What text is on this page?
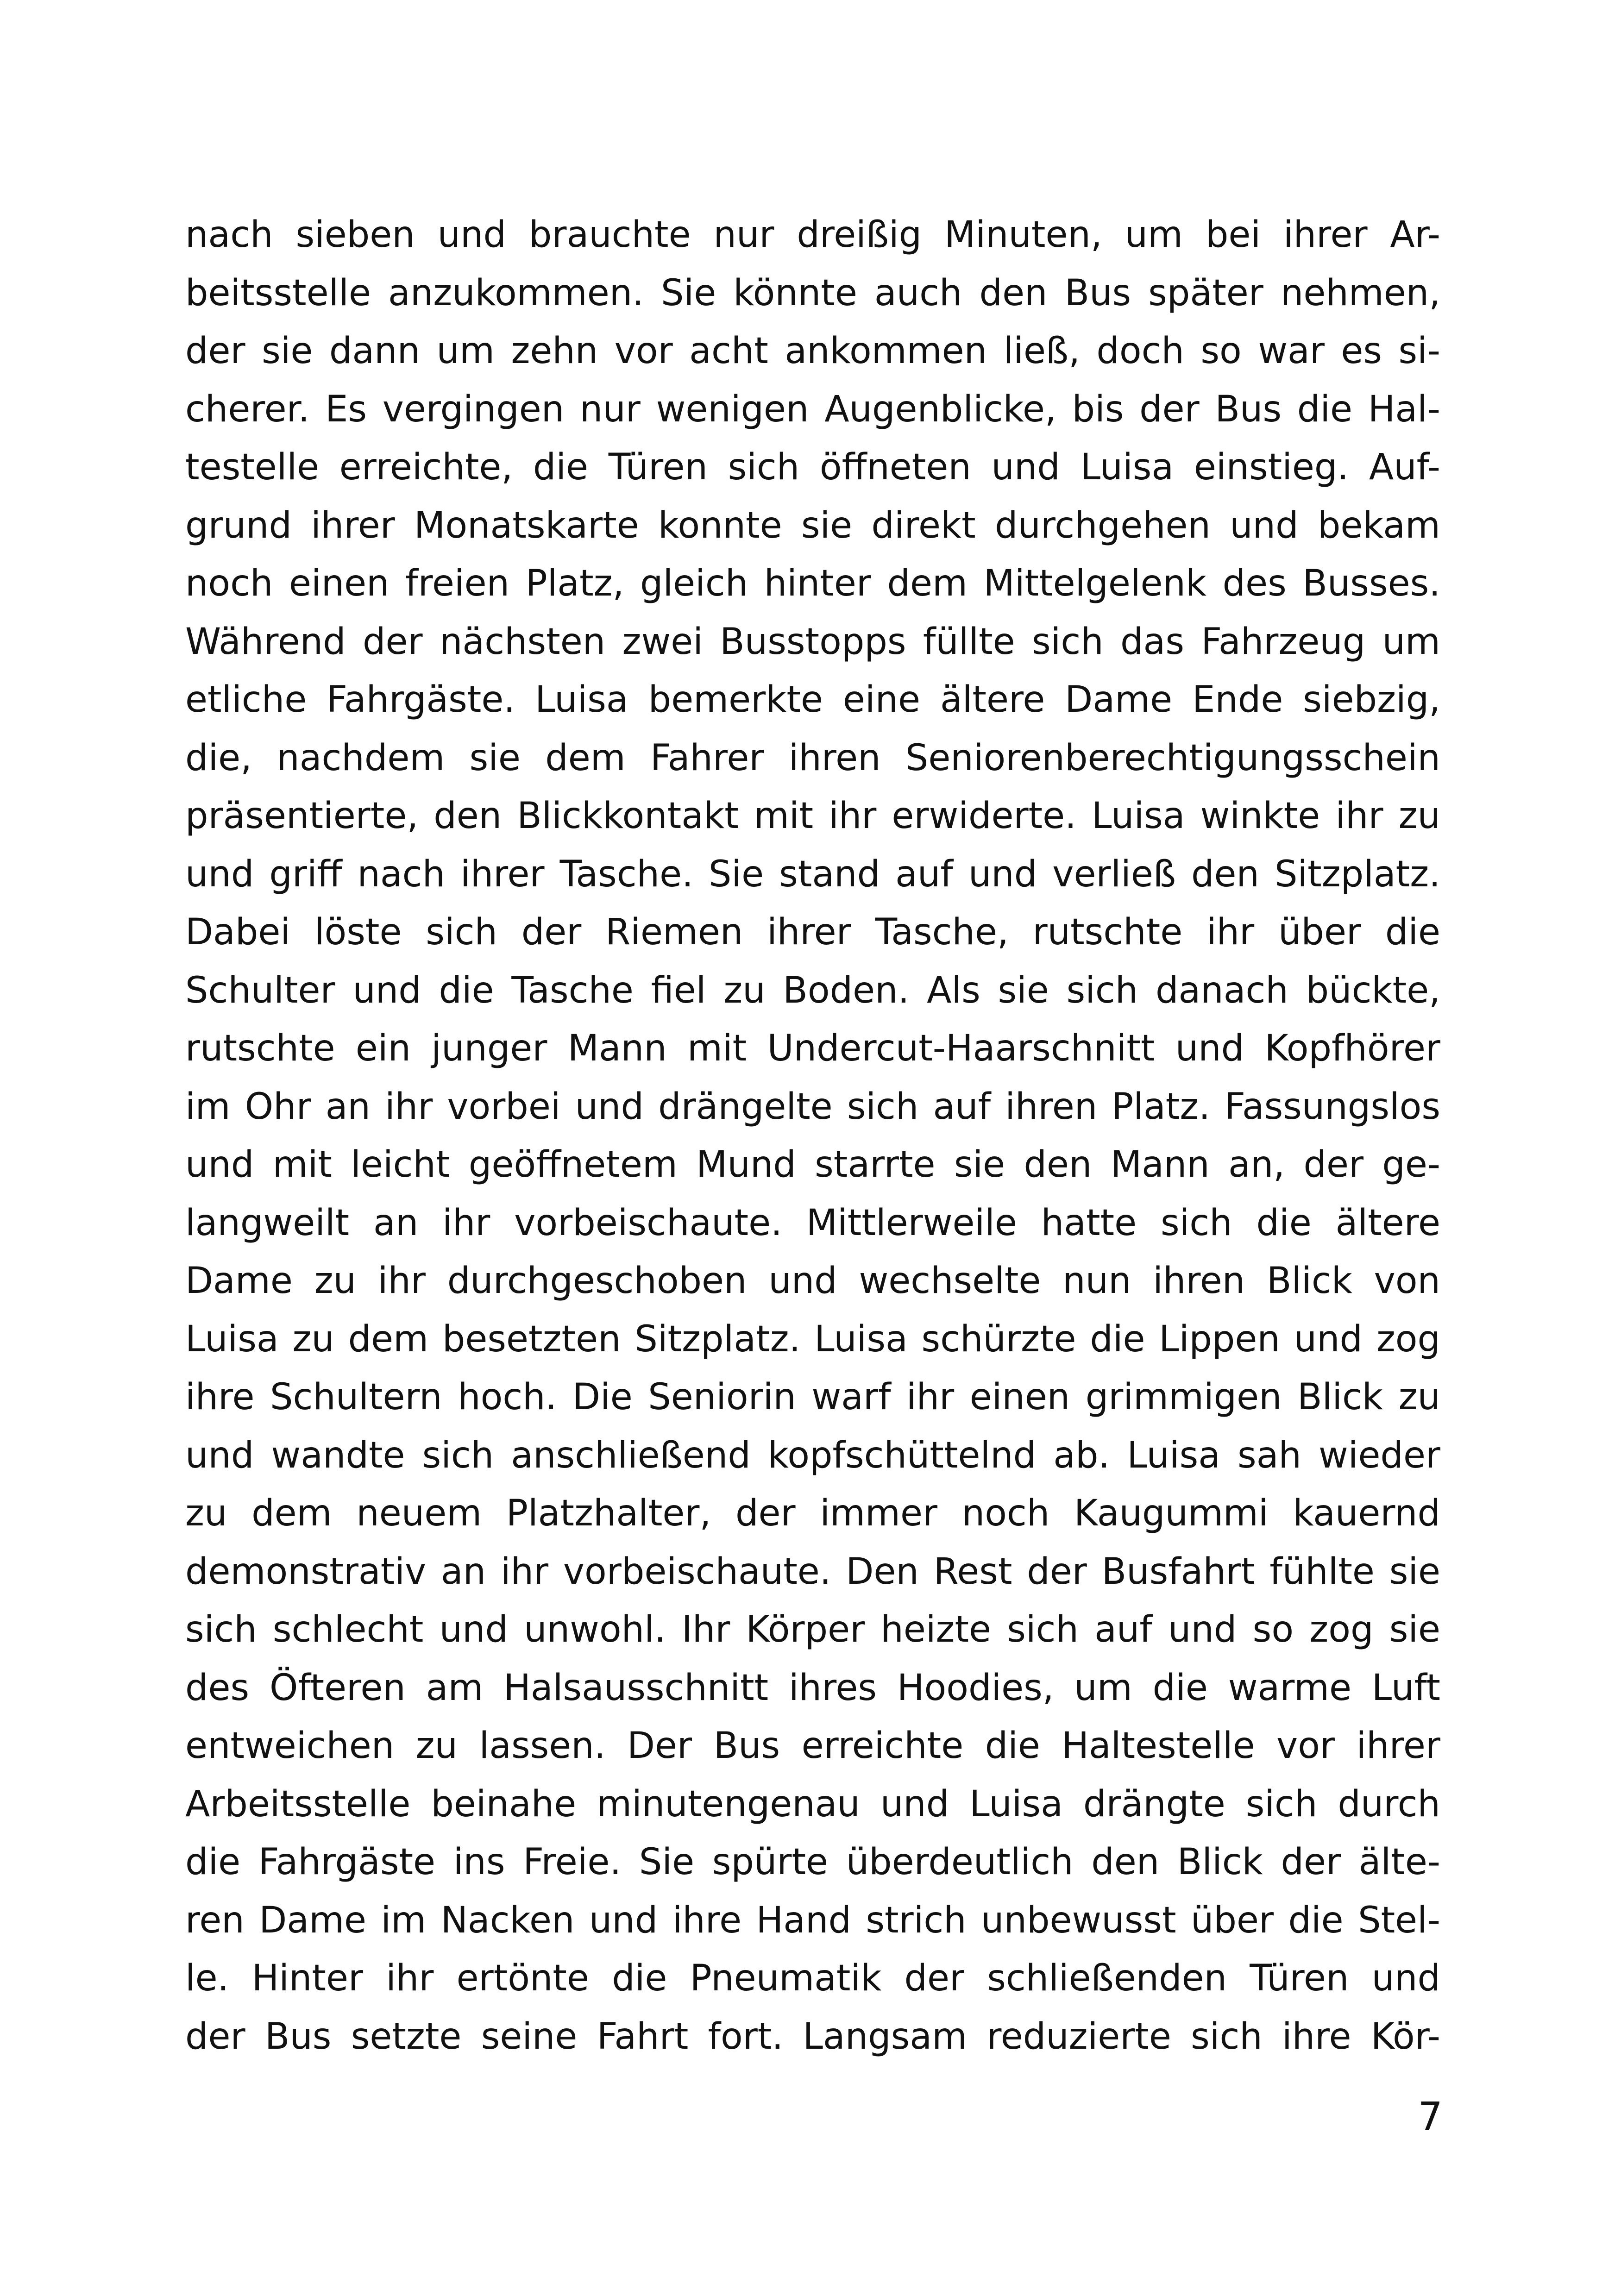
nach sieben und brauchte nur dreißig Minuten, um bei ihrer Ar-
beitsstelle anzukommen. Sie könnte auch den Bus später nehmen,
der sie dann um zehn vor acht ankommen ließ, doch so war es si-
cherer. Es vergingen nur wenigen Augenblicke, bis der Bus die Hal-
testelle erreichte, die Türen sich öffneten und Luisa einstieg. Auf-
grund ihrer Monatskarte konnte sie direkt durchgehen und bekam
noch einen freien Platz, gleich hinter dem Mittelgelenk des Busses.
Während der nächsten zwei Busstopps füllte sich das Fahrzeug um
etliche Fahrgäste. Luisa bemerkte eine ältere Dame Ende siebzig,
die, nachdem sie dem Fahrer ihren Seniorenberechtigungsschein
präsentierte, den Blickkontakt mit ihr erwiderte. Luisa winkte ihr zu
und griff nach ihrer Tasche. Sie stand auf und verließ den Sitzplatz.
Dabei löste sich der Riemen ihrer Tasche, rutschte ihr über die
Schulter und die Tasche fiel zu Boden. Als sie sich danach bückte,
rutschte ein junger Mann mit Undercut-Haarschnitt und Kopfhörer
im Ohr an ihr vorbei und drängelte sich auf ihren Platz. Fassungslos
und mit leicht geöffnetem Mund starrte sie den Mann an, der ge-
langweilt an ihr vorbeischaute. Mittlerweile hatte sich die ältere
Dame zu ihr durchgeschoben und wechselte nun ihren Blick von
Luisa zu dem besetzten Sitzplatz. Luisa schürzte die Lippen und zog
ihre Schultern hoch. Die Seniorin warf ihr einen grimmigen Blick zu
und wandte sich anschließend kopfschüttelnd ab. Luisa sah wieder
zu dem neuem Platzhalter, der immer noch Kaugummi kauernd
demonstrativ an ihr vorbeischaute. Den Rest der Busfahrt fühlte sie
sich schlecht und unwohl. Ihr Körper heizte sich auf und so zog sie
des Öfteren am Halsausschnitt ihres Hoodies, um die warme Luft
entweichen zu lassen. Der Bus erreichte die Haltestelle vor ihrer
Arbeitsstelle beinahe minutengenau und Luisa drängte sich durch
die Fahrgäste ins Freie. Sie spürte überdeutlich den Blick der älte-
ren Dame im Nacken und ihre Hand strich unbewusst über die Stel-
le. Hinter ihr ertönte die Pneumatik der schließenden Türen und
der Bus setzte seine Fahrt fort. Langsam reduzierte sich ihre Kör-
7
